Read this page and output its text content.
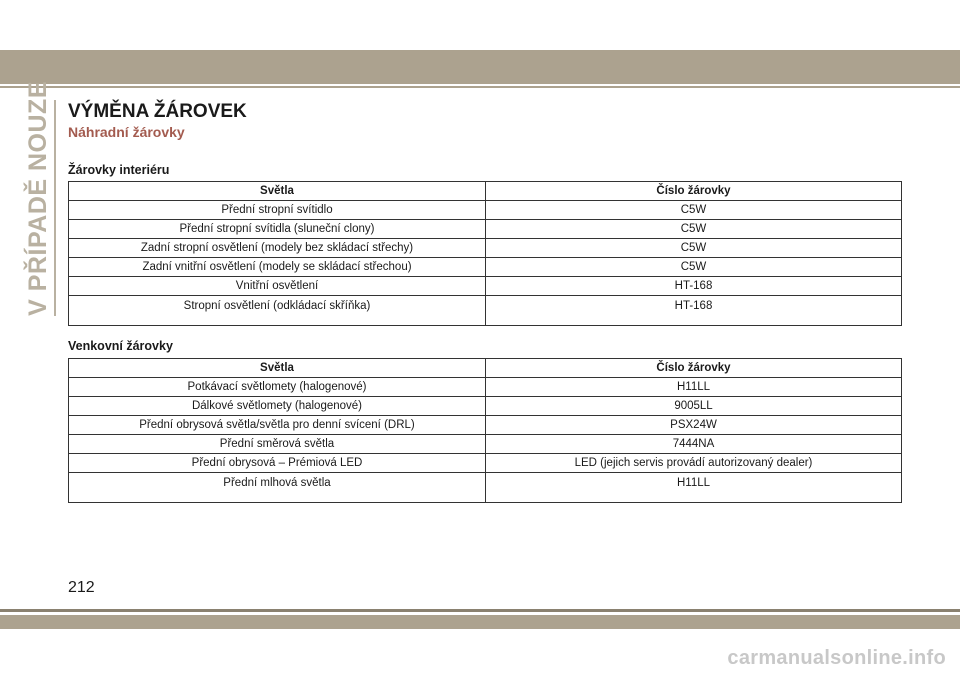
V PŘÍPADĚ NOUZE VÝMĚNA ŽÁROVEK
Náhradní žárovky
Žárovky interiéru
Světla	Číslo žárovky
Přední stropní svítidlo	C5W
Přední stropní svítidla (sluneční clony)	C5W
Zadní stropní osvětlení (modely bez skládací střechy)	C5W
Zadní vnitřní osvětlení (modely se skládací střechou)	C5W
Vnitřní osvětlení	HT-168
Stropní osvětlení (odkládací skříňka)	HT-168
Venkovní žárovky
Světla	Číslo žárovky
Potkávací světlomety (halogenové)	H11LL
Dálkové světlomety (halogenové)	9005LL
Přední obrysová světla/světla pro denní svícení (DRL)	PSX24W
Přední směrová světla	7444NA
Přední obrysová – Prémiová LED	LED (jejich servis provádí autorizovaný dealer)
Přední mlhová světla	H11LL
212
carmanualsonline.info
